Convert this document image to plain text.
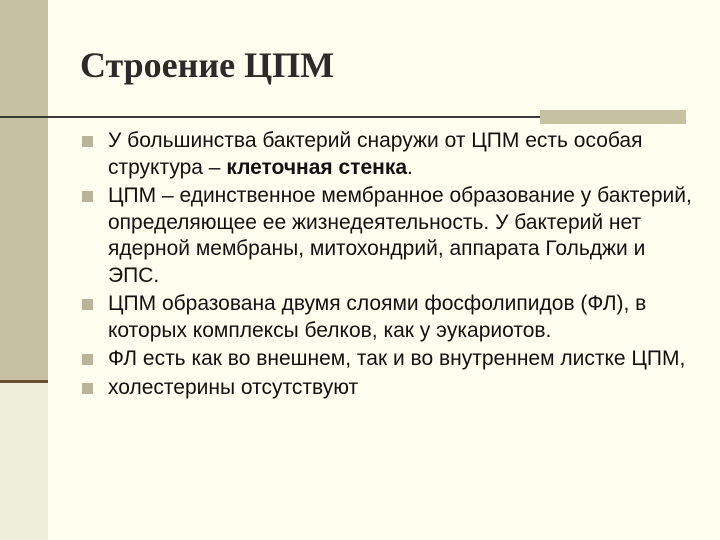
Строение ЦПМ

У большинства бактерий снаружи от ЦПМ есть особая структура – клеточная стенка.

ЦПМ – единственное мембранное образование у бактерий, определяющее ее жизнедеятельность. У бактерий нет ядерной мембраны, митохондрий, аппарата Гольджи и ЭПС.

ЦПМ образована двумя слоями фосфолипидов (ФЛ), в которых комплексы белков, как у эукариотов.

ФЛ есть как во внешнем, так и во внутреннем листке ЦПМ,

холестерины отсутствуют
